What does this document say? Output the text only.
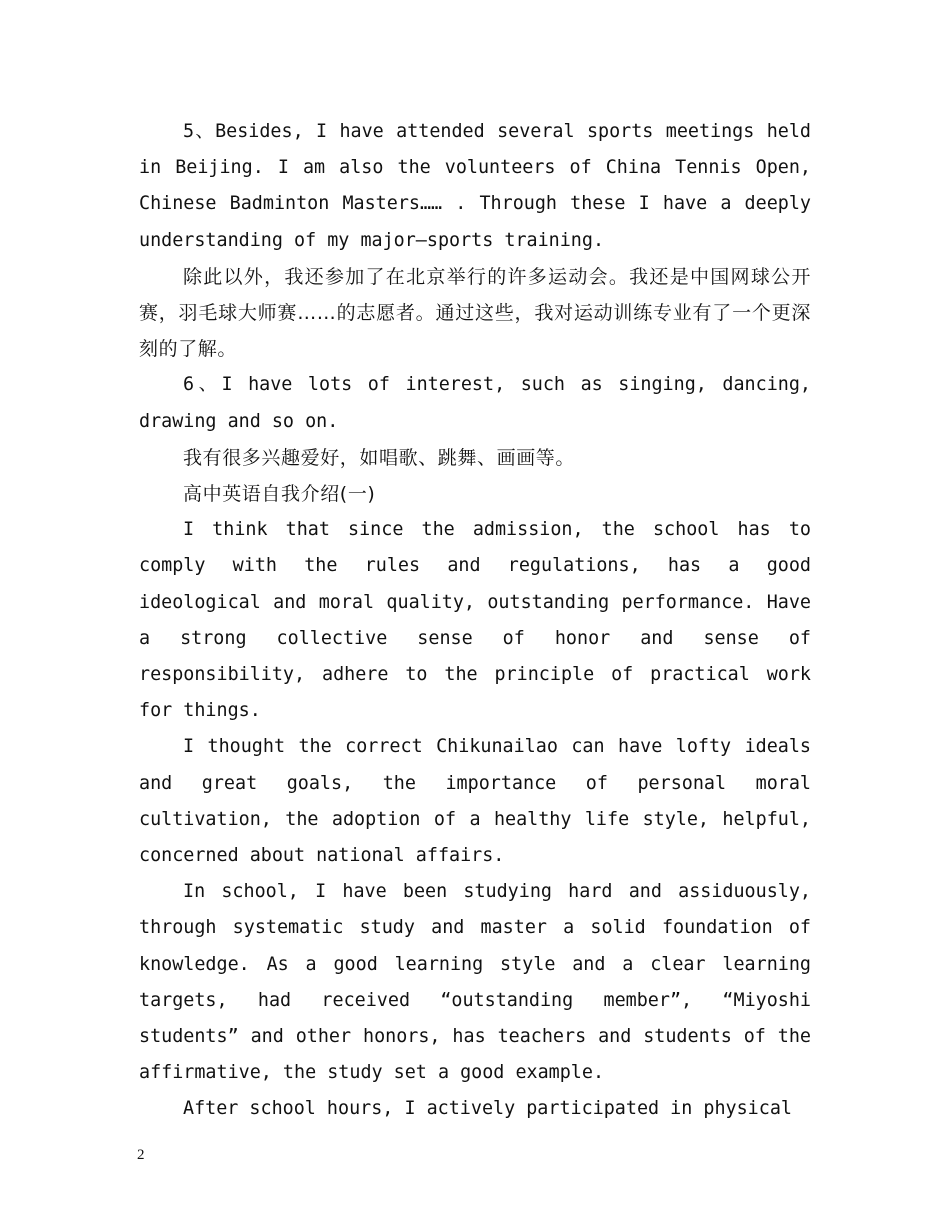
5、Besides, I have attended several sports meetings held in Beijing. I am also the volunteers of China Tennis Open, Chinese Badminton Masters…… . Through these I have a deeply understanding of my major—sports training.

除此以外，我还参加了在北京举行的许多运动会。我还是中国网球公开赛，羽毛球大师赛……的志愿者。通过这些，我对运动训练专业有了一个更深刻的了解。

6、I have lots of interest, such as singing, dancing, drawing and so on.

我有很多兴趣爱好，如唱歌、跳舞、画画等。

高中英语自我介绍(一)

I think that since the admission, the school has to comply with the rules and regulations, has a good ideological and moral quality, outstanding performance. Have a strong collective sense of honor and sense of responsibility, adhere to the principle of practical work for things.

I thought the correct Chikunailao can have lofty ideals and great goals, the importance of personal moral cultivation, the adoption of a healthy life style, helpful, concerned about national affairs.

In school, I have been studying hard and assiduously, through systematic study and master a solid foundation of knowledge. As a good learning style and a clear learning targets, had received “outstanding member”, “Miyoshi students” and other honors, has teachers and students of the affirmative, the study set a good example.

After school hours, I actively participated in physical

2
